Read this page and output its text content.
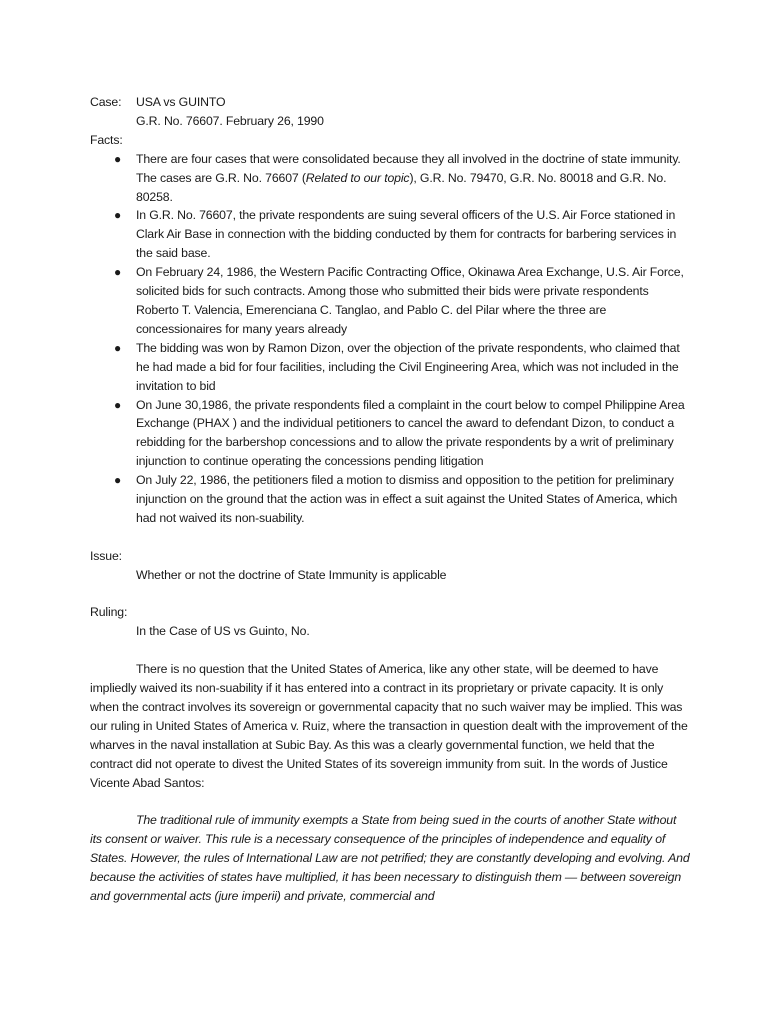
Case:	USA vs GUINTO
G.R. No. 76607. February 26, 1990
Facts:
● There are four cases that were consolidated because they all involved in the doctrine of state immunity. The cases are G.R. No. 76607 (Related to our topic), G.R. No. 79470, G.R. No. 80018 and G.R. No. 80258.
● In G.R. No. 76607, the private respondents are suing several officers of the U.S. Air Force stationed in Clark Air Base in connection with the bidding conducted by them for contracts for barbering services in the said base.
● On February 24, 1986, the Western Pacific Contracting Office, Okinawa Area Exchange, U.S. Air Force, solicited bids for such contracts. Among those who submitted their bids were private respondents Roberto T. Valencia, Emerenciana C. Tanglao, and Pablo C. del Pilar where the three are concessionaires for many years already
● The bidding was won by Ramon Dizon, over the objection of the private respondents, who claimed that he had made a bid for four facilities, including the Civil Engineering Area, which was not included in the invitation to bid
● On June 30,1986, the private respondents filed a complaint in the court below to compel Philippine Area Exchange (PHAX ) and the individual petitioners to cancel the award to defendant Dizon, to conduct a rebidding for the barbershop concessions and to allow the private respondents by a writ of preliminary injunction to continue operating the concessions pending litigation
● On July 22, 1986, the petitioners filed a motion to dismiss and opposition to the petition for preliminary injunction on the ground that the action was in effect a suit against the United States of America, which had not waived its non-suability.
Issue:
Whether or not the doctrine of State Immunity is applicable
Ruling:
In the Case of US vs Guinto, No.

There is no question that the United States of America, like any other state, will be deemed to have impliedly waived its non-suability if it has entered into a contract in its proprietary or private capacity. It is only when the contract involves its sovereign or governmental capacity that no such waiver may be implied. This was our ruling in United States of America v. Ruiz, where the transaction in question dealt with the improvement of the wharves in the naval installation at Subic Bay. As this was a clearly governmental function, we held that the contract did not operate to divest the United States of its sovereign immunity from suit. In the words of Justice Vicente Abad Santos:

The traditional rule of immunity exempts a State from being sued in the courts of another State without its consent or waiver. This rule is a necessary consequence of the principles of independence and equality of States. However, the rules of International Law are not petrified; they are constantly developing and evolving. And because the activities of states have multiplied, it has been necessary to distinguish them — between sovereign and governmental acts (jure imperii) and private, commercial and
